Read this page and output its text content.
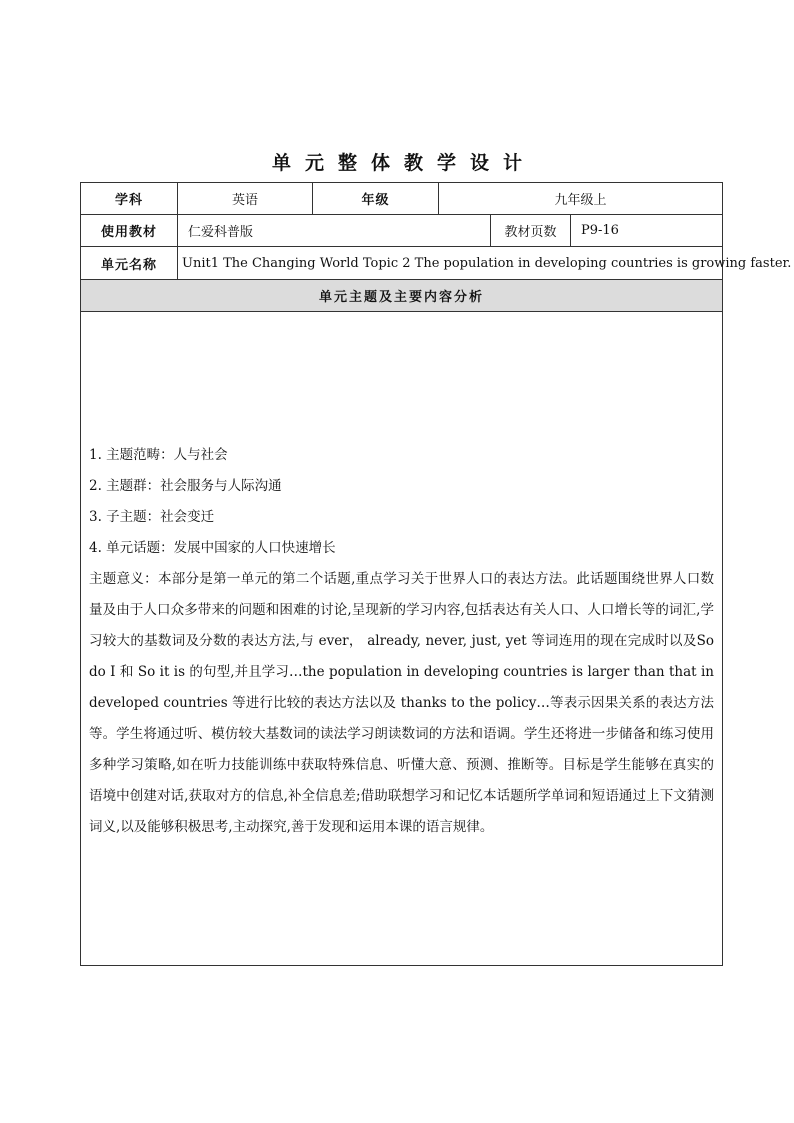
单元整体教学设计
学科	英语	年级	九年级上		
使用教材	仁爱科普版			教材页数	P9-16
单元名称	Unit1 The Changing World Topic 2 The population in developing countries is growing faster.				
单元主题及主要内容分析					

1. 主题范畴：人与社会

2. 主题群：社会服务与人际沟通

3. 子主题：社会变迁

4. 单元话题：发展中国家的人口快速增长

主题意义：本部分是第一单元的第二个话题,重点学习关于世界人口的表达方法。此话题围绕世界人口数量及由于人口众多带来的问题和困难的讨论,呈现新的学习内容,包括表达有关人口、人口增长等的词汇,学习较大的基数词及分数的表达方法,与 ever， already, never, just, yet 等词连用的现在完成时以及So do I 和 So it is 的句型,并且学习…the population in developing countries is larger than that in developed countries 等进行比较的表达方法以及 thanks to the policy…等表示因果关系的表达方法等。学生将通过听、模仿较大基数词的读法学习朗读数词的方法和语调。学生还将进一步储备和练习使用多种学习策略,如在听力技能训练中获取特殊信息、听懂大意、预测、推断等。目标是学生能够在真实的语境中创建对话,获取对方的信息,补全信息差;借助联想学习和记忆本话题所学单词和短语通过上下文猜测词义,以及能够积极思考,主动探究,善于发现和运用本课的语言规律。					
